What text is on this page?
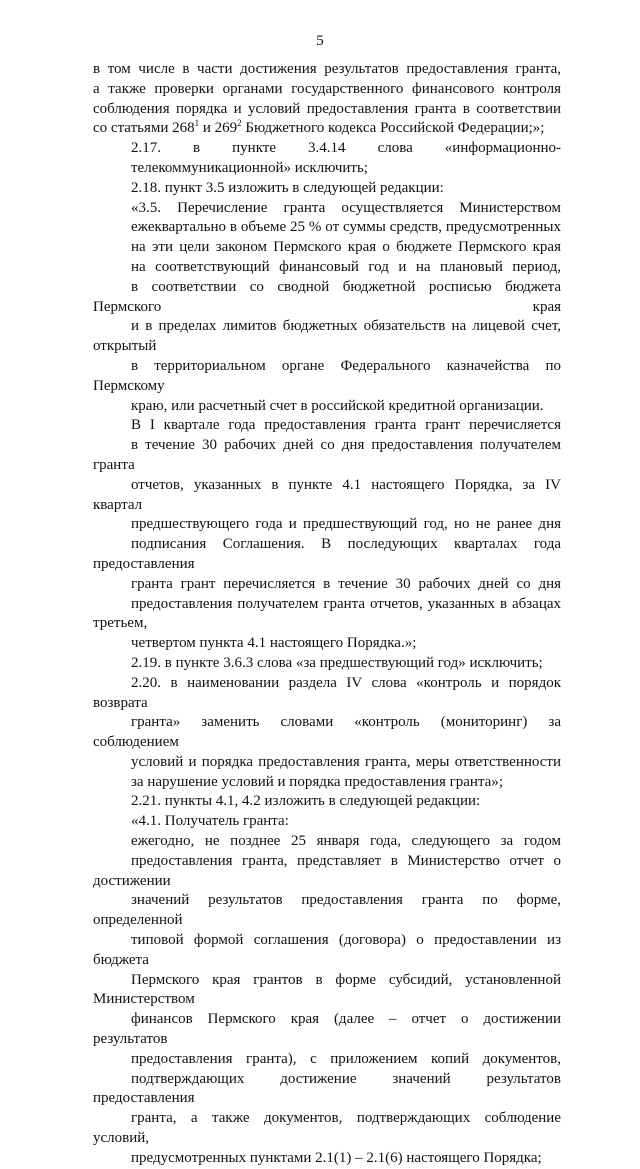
5

в том числе в части достижения результатов предоставления гранта,
а также проверки органами государственного финансового контроля
соблюдения порядка и условий предоставления гранта в соответствии
со статьями $268^1$ и $269^2$ Бюджетного кодекса Российской Федерации;»;

2.17. в пункте 3.4.14 слова «информационно-
телекоммуникационной» исключить;

2.18. пункт 3.5 изложить в следующей редакции:

«3.5. Перечисление гранта осуществляется Министерством
ежеквартально в объеме 25 % от суммы средств, предусмотренных
на эти цели законом Пермского края о бюджете Пермского края
на соответствующий финансовый год и на плановый период,
в соответствии со сводной бюджетной росписью бюджета Пермского края
и в пределах лимитов бюджетных обязательств на лицевой счет, открытый
в территориальном органе Федерального казначейства по Пермскому
краю, или расчетный счет в российской кредитной организации.

В I квартале года предоставления гранта грант перечисляется
в течение 30 рабочих дней со дня предоставления получателем гранта
отчетов, указанных в пункте 4.1 настоящего Порядка, за IV квартал
предшествующего года и предшествующий год, но не ранее дня
подписания Соглашения. В последующих кварталах года предоставления
гранта грант перечисляется в течение 30 рабочих дней со дня
предоставления получателем гранта отчетов, указанных в абзацах третьем,
четвертом пункта 4.1 настоящего Порядка.»;

2.19. в пункте 3.6.3 слова «за предшествующий год» исключить;

2.20. в наименовании раздела IV слова «контроль и порядок возврата
гранта» заменить словами «контроль (мониторинг) за соблюдением
условий и порядка предоставления гранта, меры ответственности
за нарушение условий и порядка предоставления гранта»;

2.21. пункты 4.1, 4.2 изложить в следующей редакции:

«4.1. Получатель гранта:

ежегодно, не позднее 25 января года, следующего за годом
предоставления гранта, представляет в Министерство отчет о достижении
значений результатов предоставления гранта по форме, определенной
типовой формой соглашения (договора) о предоставлении из бюджета
Пермского края грантов в форме субсидий, установленной Министерством
финансов Пермского края (далее – отчет о достижении результатов
предоставления гранта), с приложением копий документов,
подтверждающих достижение значений результатов предоставления
гранта, а также документов, подтверждающих соблюдение условий,
предусмотренных пунктами 2.1(1) – 2.1(6) настоящего Порядка;
